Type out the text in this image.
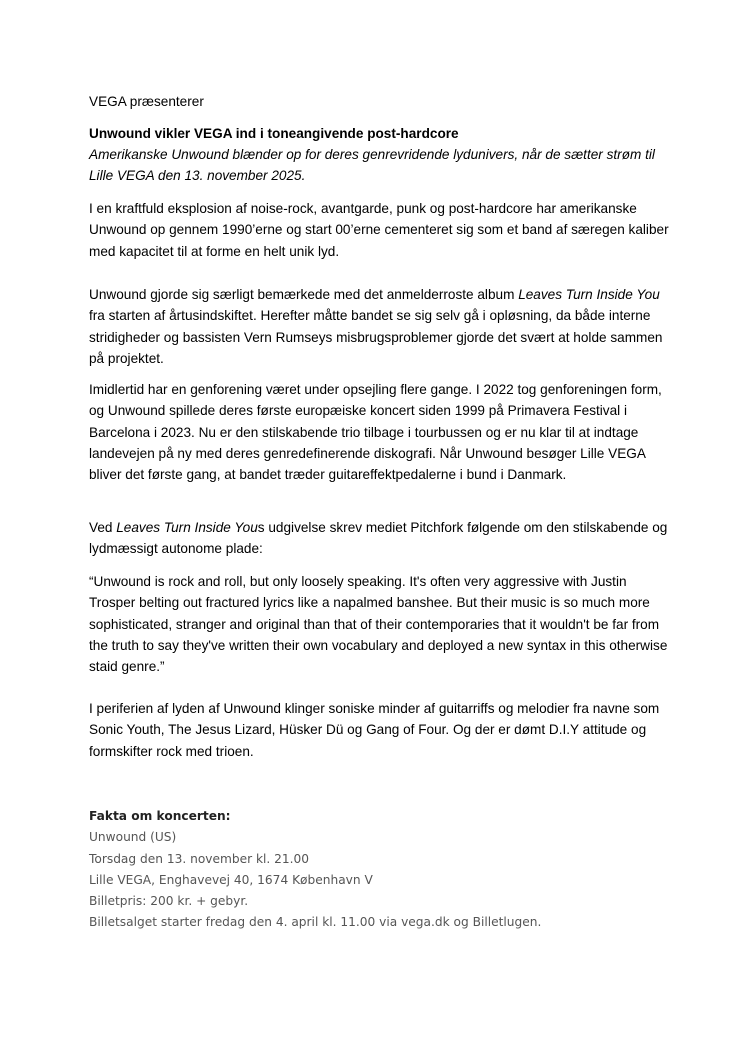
VEGA præsenterer

Unwound vikler VEGA ind i toneangivende post-hardcore

Amerikanske Unwound blænder op for deres genrevridende lydunivers, når de sætter strøm til Lille VEGA den 13. november 2025.

I en kraftfuld eksplosion af noise-rock, avantgarde, punk og post-hardcore har amerikanske Unwound op gennem 1990’erne og start 00’erne cementeret sig som et band af særegen kaliber med kapacitet til at forme en helt unik lyd.

Unwound gjorde sig særligt bemærkede med det anmelderroste album Leaves Turn Inside You fra starten af årtusindskiftet. Herefter måtte bandet se sig selv gå i opløsning, da både interne stridigheder og bassisten Vern Rumseys misbrugsproblemer gjorde det svært at holde sammen på projektet.

Imidlertid har en genforening været under opsejling flere gange. I 2022 tog genforeningen form, og Unwound spillede deres første europæiske koncert siden 1999 på Primavera Festival i Barcelona i 2023. Nu er den stilskabende trio tilbage i tourbussen og er nu klar til at indtage landevejen på ny med deres genredefinerende diskografi. Når Unwound besøger Lille VEGA bliver det første gang, at bandet træder guitareffektpedalerne i bund i Danmark.

Ved Leaves Turn Inside Yous udgivelse skrev mediet Pitchfork følgende om den stilskabende og lydmæssigt autonome plade:

“Unwound is rock and roll, but only loosely speaking. It's often very aggressive with Justin Trosper belting out fractured lyrics like a napalmed banshee. But their music is so much more sophisticated, stranger and original than that of their contemporaries that it wouldn't be far from the truth to say they've written their own vocabulary and deployed a new syntax in this otherwise staid genre.”

I periferien af lyden af Unwound klinger soniske minder af guitarriffs og melodier fra navne som Sonic Youth, The Jesus Lizard, Hüsker Dü og Gang of Four. Og der er dømt D.I.Y attitude og formskifter rock med trioen.

Fakta om koncerten:
Unwound (US)
Torsdag den 13. november kl. 21.00
Lille VEGA, Enghavevej 40, 1674 København V
Billetpris: 200 kr. + gebyr.
Billetsalget starter fredag den 4. april kl. 11.00 via vega.dk og Billetlugen.
